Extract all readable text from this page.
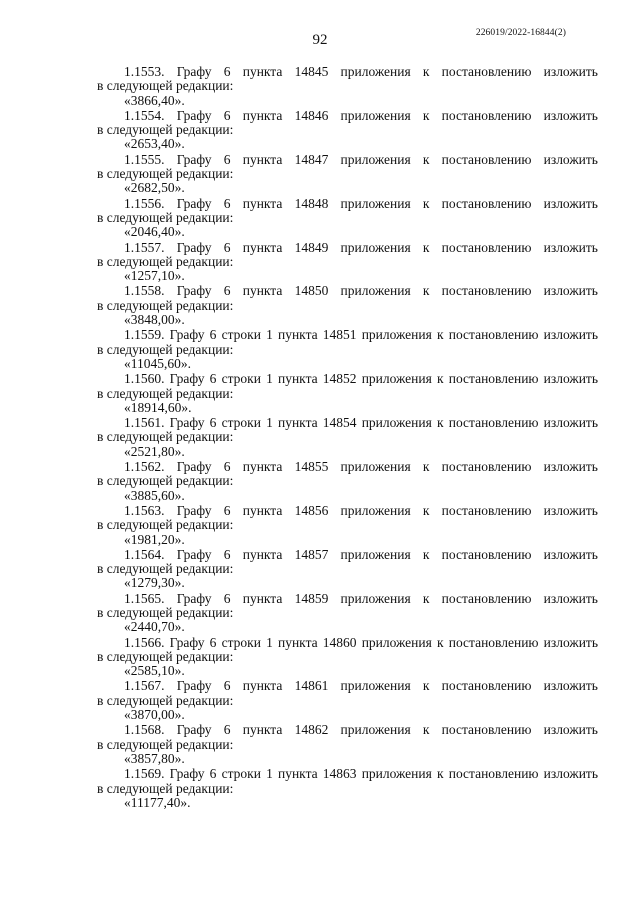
92	226019/2022-16844(2)
1.1553. Графу 6 пункта 14845 приложения к постановлению изложить
в следующей редакции:
«3866,40».
1.1554. Графу 6 пункта 14846 приложения к постановлению изложить
в следующей редакции:
«2653,40».
1.1555. Графу 6 пункта 14847 приложения к постановлению изложить
в следующей редакции:
«2682,50».
1.1556. Графу 6 пункта 14848 приложения к постановлению изложить
в следующей редакции:
«2046,40».
1.1557. Графу 6 пункта 14849 приложения к постановлению изложить
в следующей редакции:
«1257,10».
1.1558. Графу 6 пункта 14850 приложения к постановлению изложить
в следующей редакции:
«3848,00».
1.1559. Графу 6 строки 1 пункта 14851 приложения к постановлению изложить
в следующей редакции:
«11045,60».
1.1560. Графу 6 строки 1 пункта 14852 приложения к постановлению изложить
в следующей редакции:
«18914,60».
1.1561. Графу 6 строки 1 пункта 14854 приложения к постановлению изложить
в следующей редакции:
«2521,80».
1.1562. Графу 6 пункта 14855 приложения к постановлению изложить
в следующей редакции:
«3885,60».
1.1563. Графу 6 пункта 14856 приложения к постановлению изложить
в следующей редакции:
«1981,20».
1.1564. Графу 6 пункта 14857 приложения к постановлению изложить
в следующей редакции:
«1279,30».
1.1565. Графу 6 пункта 14859 приложения к постановлению изложить
в следующей редакции:
«2440,70».
1.1566. Графу 6 строки 1 пункта 14860 приложения к постановлению изложить
в следующей редакции:
«2585,10».
1.1567. Графу 6 пункта 14861 приложения к постановлению изложить
в следующей редакции:
«3870,00».
1.1568. Графу 6 пункта 14862 приложения к постановлению изложить
в следующей редакции:
«3857,80».
1.1569. Графу 6 строки 1 пункта 14863 приложения к постановлению изложить
в следующей редакции:
«11177,40».
